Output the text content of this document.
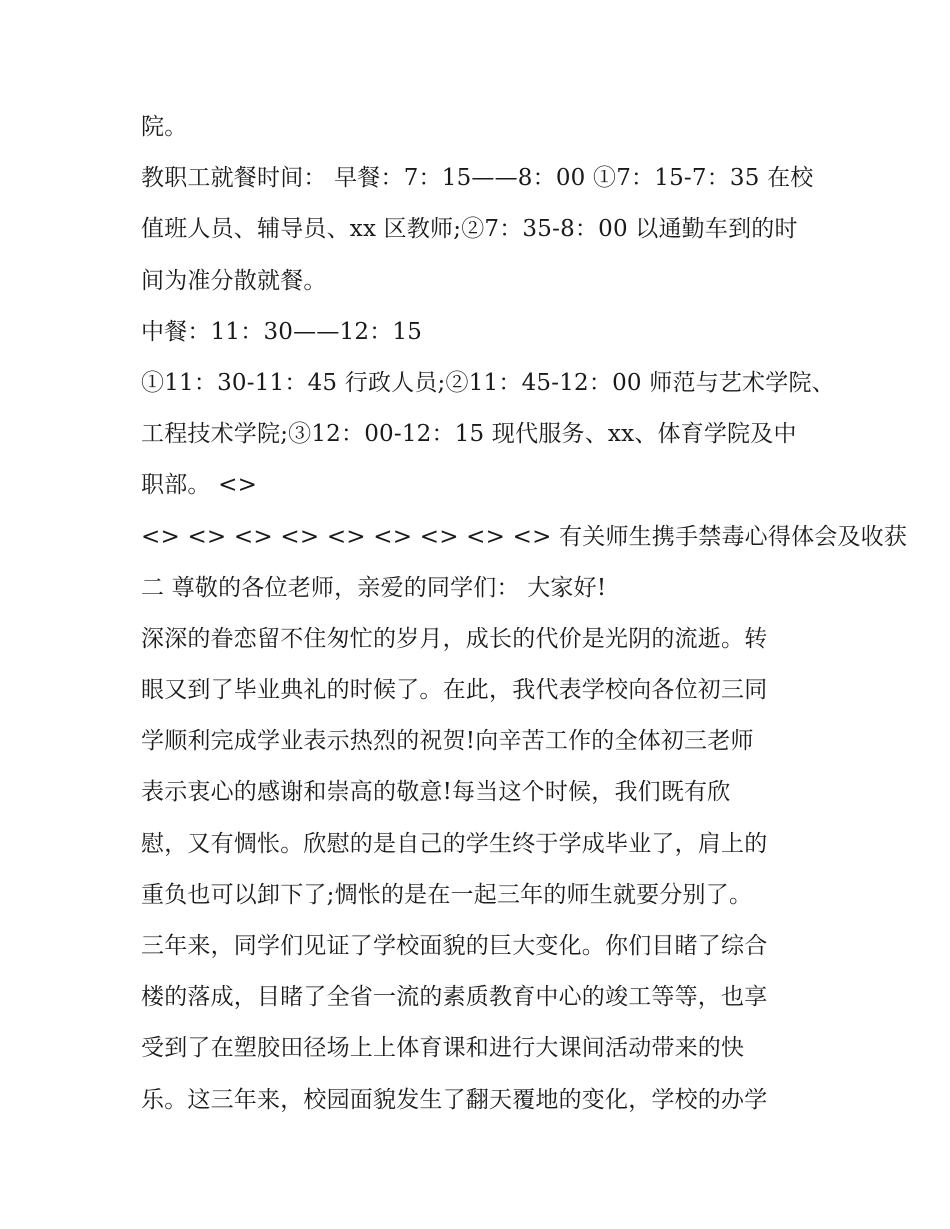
院。
教职工就餐时间： 早餐：7：15——8：00 ①7：15-7：35 在校
值班人员、辅导员、xx 区教师;②7：35-8：00 以通勤车到的时
间为准分散就餐。
中餐：11：30——12：15
①11：30-11：45 行政人员;②11：45-12：00 师范与艺术学院、
工程技术学院;③12：00-12：15 现代服务、xx、体育学院及中
职部。 <>
<> <> <> <> <> <> <> <> <> 有关师生携手禁毒心得体会及收获
二 尊敬的各位老师，亲爱的同学们： 大家好!
深深的眷恋留不住匆忙的岁月，成长的代价是光阴的流逝。转
眼又到了毕业典礼的时候了。在此，我代表学校向各位初三同
学顺利完成学业表示热烈的祝贺!向辛苦工作的全体初三老师
表示衷心的感谢和崇高的敬意!每当这个时候，我们既有欣
慰，又有惆怅。欣慰的是自己的学生终于学成毕业了，肩上的
重负也可以卸下了;惆怅的是在一起三年的师生就要分别了。
三年来，同学们见证了学校面貌的巨大变化。你们目睹了综合
楼的落成，目睹了全省一流的素质教育中心的竣工等等，也享
受到了在塑胶田径场上上体育课和进行大课间活动带来的快
乐。这三年来，校园面貌发生了翻天覆地的变化，学校的办学
